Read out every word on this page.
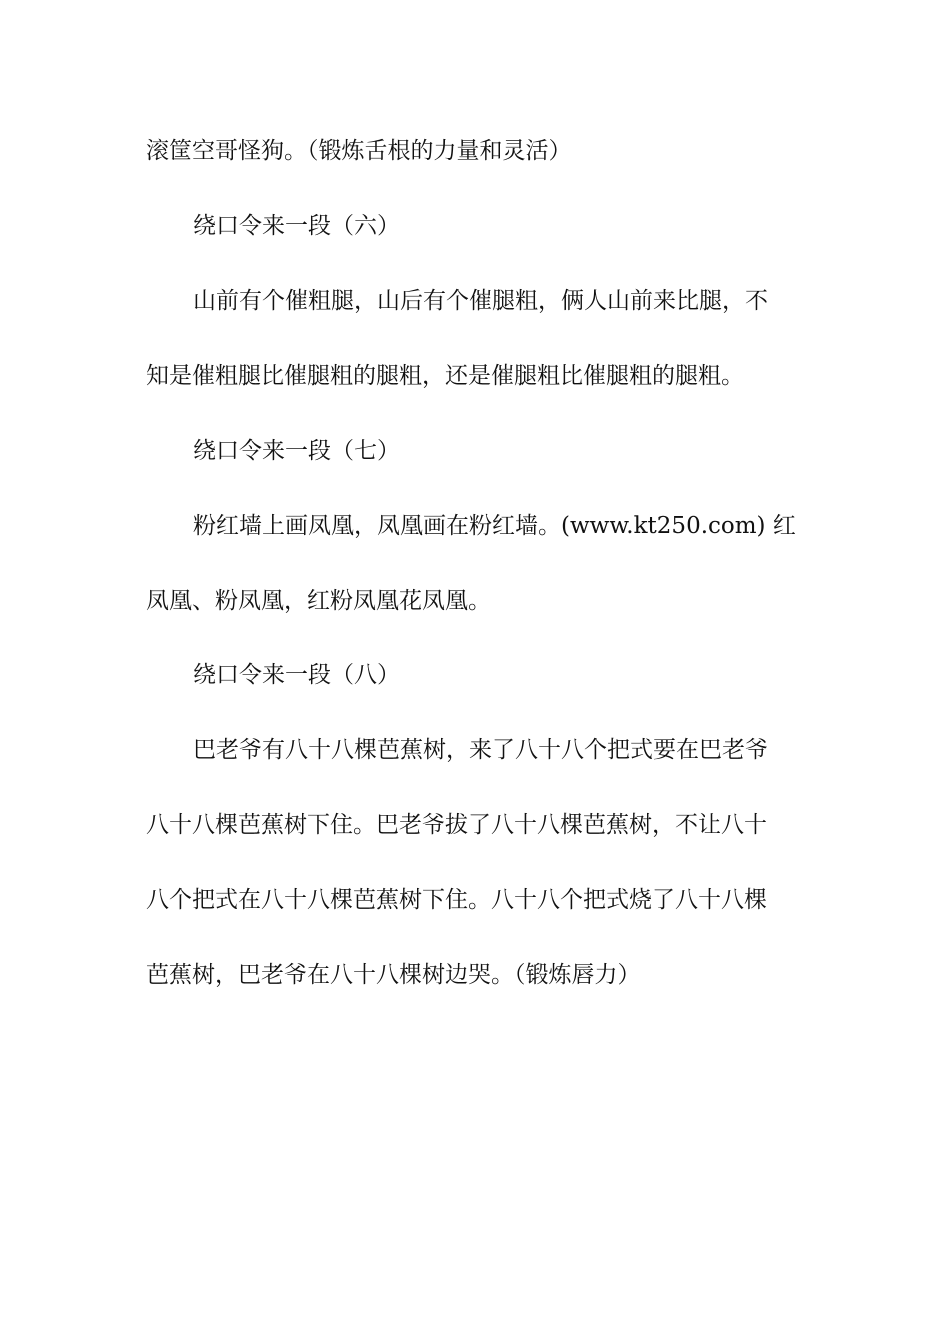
滚筐空哥怪狗。（锻炼舌根的力量和灵活）
绕口令来一段（六）
山前有个催粗腿，山后有个催腿粗，俩人山前来比腿，不
知是催粗腿比催腿粗的腿粗，还是催腿粗比催腿粗的腿粗。
绕口令来一段（七）
粉红墙上画凤凰，凤凰画在粉红墙。(www.kt250.com) 红
凤凰、粉凤凰，红粉凤凰花凤凰。
绕口令来一段（八）
巴老爷有八十八棵芭蕉树，来了八十八个把式要在巴老爷
八十八棵芭蕉树下住。巴老爷拔了八十八棵芭蕉树，不让八十
八个把式在八十八棵芭蕉树下住。八十八个把式烧了八十八棵
芭蕉树，巴老爷在八十八棵树边哭。（锻炼唇力）
